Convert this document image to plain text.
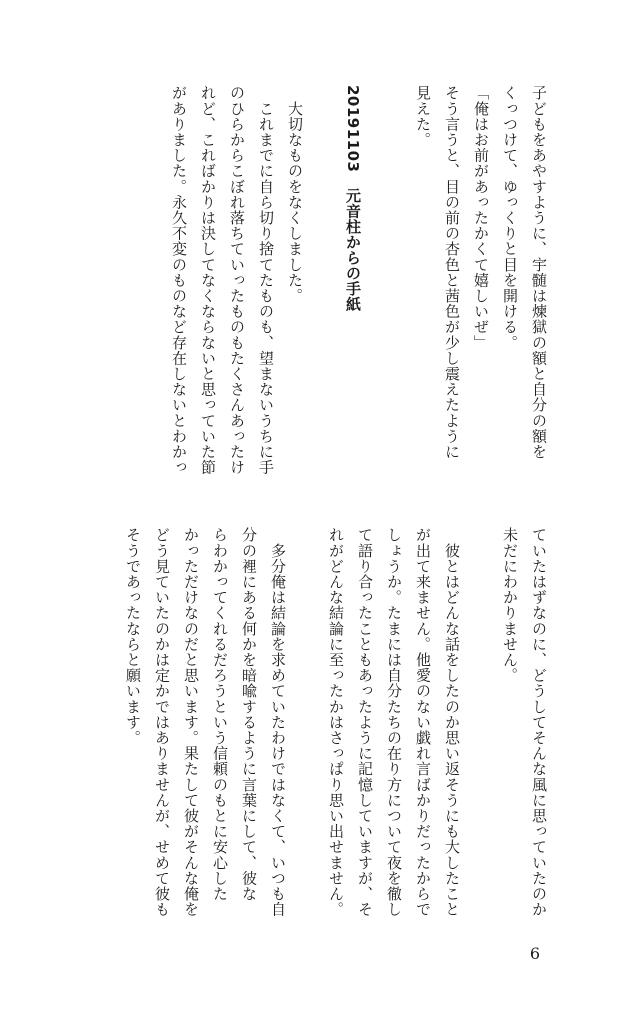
子どもをあやすように、宇髄は煉獄の額と自分の額を

くっつけて、ゆっくりと目を開ける。

「俺はお前があったかくて嬉しいぜ」

そう言うと、目の前の杏色と茜色が少し震えたように

見えた。

20191103　元音柱からの手紙

　大切なものをなくしました。

　これまでに自ら切り捨てたものも、望まないうちに手

のひらからこぼれ落ちていったものもたくさんあったけ

れど、こればかりは決してなくならないと思っていた節

がありました。永久不変のものなど存在しないとわかっ

ていたはずなのに、どうしてそんな風に思っていたのか

未だにわかりません。

　彼とはどんな話をしたのか思い返そうにも大したこと

が出て来ません。他愛のない戯れ言ばかりだったからで

しょうか。たまには自分たちの在り方について夜を徹し

て語り合ったこともあったように記憶していますが、そ

れがどんな結論に至ったかはさっぱり思い出せません。

　多分俺は結論を求めていたわけではなくて、いつも自

分の裡にある何かを暗喩するように言葉にして、彼な

らわかってくれるだろうという信頼のもとに安心した

かっただけなのだと思います。果たして彼がそんな俺を

どう見ていたのかは定かではありませんが、せめて彼も

そうであったならと願います。

6
